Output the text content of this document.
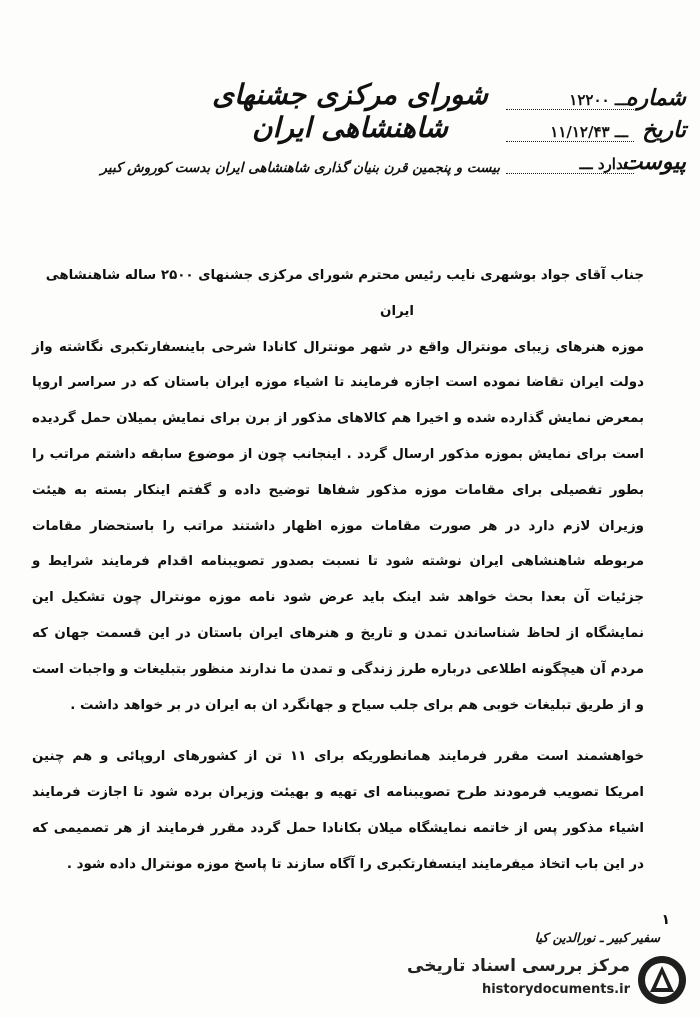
شورای مرکزی جشنهای شاهنشاهی ایران
بیست و پنجمین قرن بنیان گذاری شاهنشاهی ایران بدست کوروش کبیر
شماره
۱۲۲۰۰ ـــ
تاریخ
۱۱/۱۲/۴۳ ـــ
پیوست
ندارد ـــ

جناب آقای جواد بوشهری نایب رئیس محترم شورای مرکزی جشنهای ۲۵۰۰ ساله شاهنشاهی

ایران

موزه هنرهای زیبای مونترال واقع در شهر مونترال کانادا شرحی باینسفارتکبری نگاشته واز دولت ایران تقاضا نموده است اجازه فرمایند تا اشیاء موزه ایران باستان که در سراسر اروپا بمعرض نمایش گذارده شده و اخیرا هم کالاهای مذکور از برن برای نمایش بمیلان حمل گردیده است برای نمایش بموزه مذکور ارسال گردد . اینجانب چون از موضوع سابقه داشتم مراتب را بطور تفصیلی برای مقامات موزه مذکور شفاها توضیح داده و گفتم اینکار بسته به هیئت وزیران لازم دارد در هر صورت مقامات موزه اظهار داشتند مراتب را باستحضار مقامات مربوطه شاهنشاهی ایران نوشته شود تا نسبت بصدور تصویبنامه اقدام فرمایند شرایط و جزئیات آن بعدا بحث خواهد شد اینک باید عرض شود نامه موزه مونترال چون تشکیل این نمایشگاه از لحاظ شناساندن تمدن و تاریخ و هنرهای ایران باستان در این قسمت جهان که مردم آن هیچگونه اطلاعی درباره طرز زندگی و تمدن ما ندارند منظور بتبلیغات و واجبات است و از طریق تبلیغات خوبی هم برای جلب سیاح و جهانگرد ان به ایران در بر خواهد داشت .

خواهشمند است مقرر فرمایند همانطوریکه برای ۱۱ تن از کشورهای اروپائی و هم چنین امریکا تصویب فرمودند طرح تصویبنامه ای تهیه و بهیئت وزیران برده شود تا اجازت فرمایند اشیاء مذکور پس از خاتمه نمایشگاه میلان بکانادا حمل گردد مقرر فرمایند از هر تصمیمی که در این باب اتخاذ میفرمایند اینسفارتکبری را آگاه سازند تا پاسخ موزه مونترال داده شود .

۱
سفیر کبیر ـ نورالدین کیا
مرکز بررسی اسناد تاریخی
historydocuments.ir
